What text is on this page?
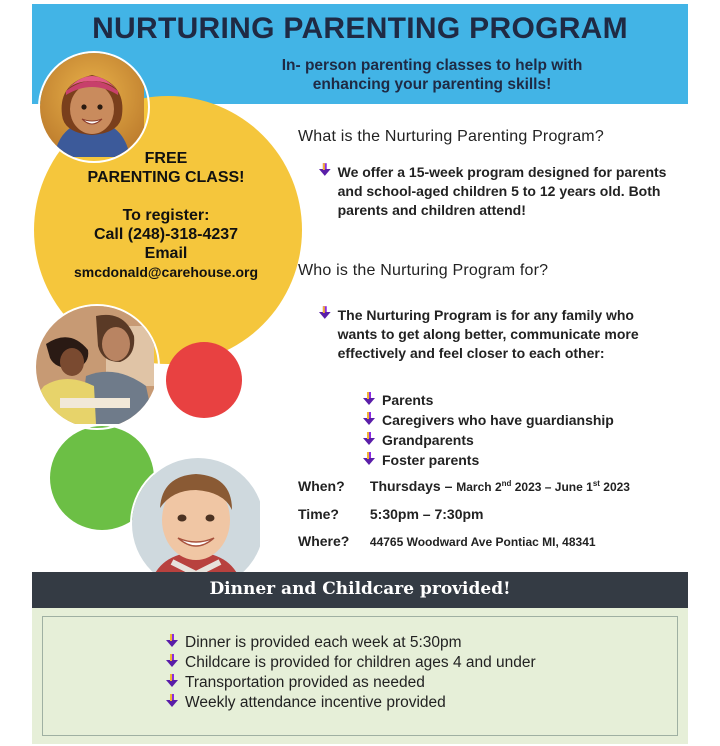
NURTURING PARENTING PROGRAM
In- person parenting classes to help with
enhancing your parenting skills!
FREE
PARENTING CLASS!
To register:
Call (248)-318-4237
Email
smcdonald@carehouse.org

What is the Nurturing Parenting Program?

We offer a 15-week program designed for parents and school-aged children 5 to 12 years old. Both parents and children attend!

Who is the Nurturing Program for?

The Nurturing Program is for any family who wants to get along better, communicate more effectively and feel closer to each other:
Parents
Caregivers who have guardianship
Grandparents
Foster parents
When? Thursdays – March 2nd 2023 – June 1st 2023
Time? 5:30pm – 7:30pm
Where? 44765 Woodward Ave Pontiac MI, 48341
Dinner and Childcare provided!
Dinner is provided each week at 5:30pm
Childcare is provided for children ages 4 and under
Transportation provided as needed
Weekly attendance incentive provided
